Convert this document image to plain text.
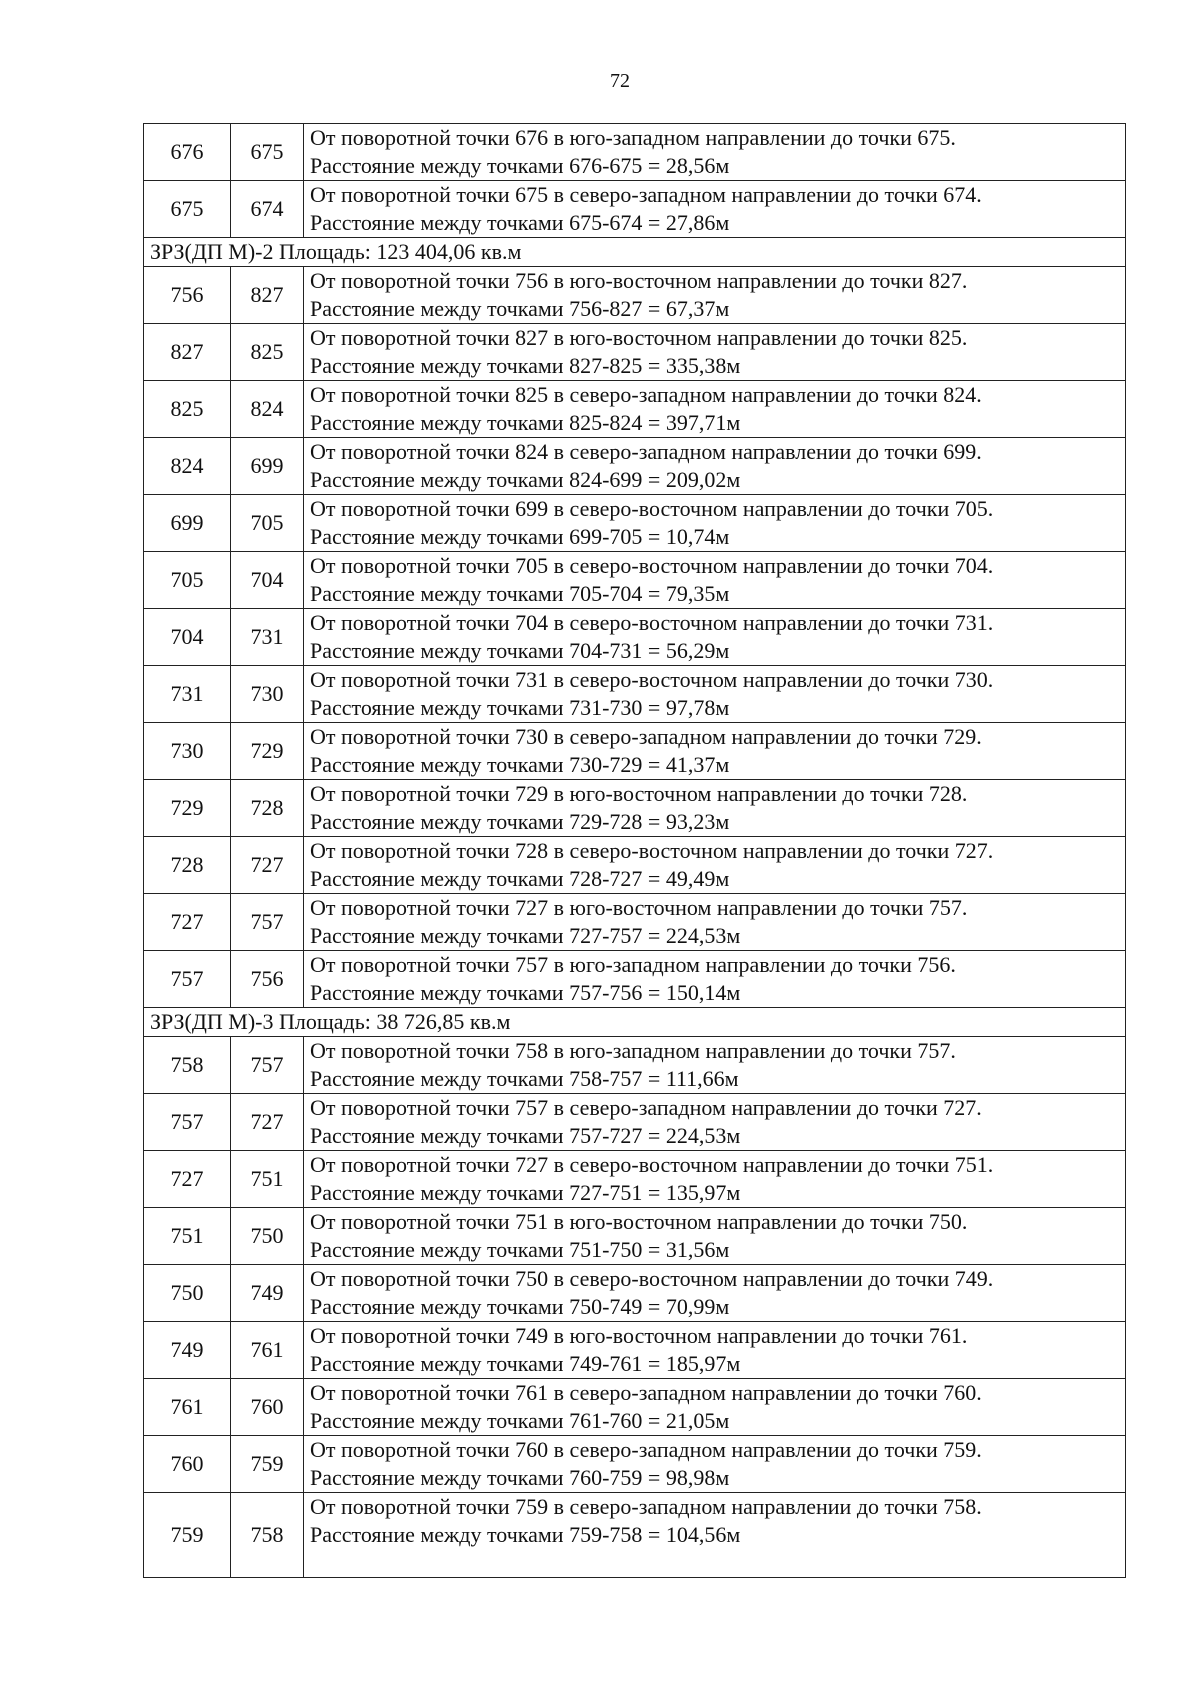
72
676	675	От поворотной точки 676 в юго-западном направлении до точки 675.
Расстояние между точками 676-675 = 28,56м

675	674	От поворотной точки 675 в северо-западном направлении до точки 674.
Расстояние между точками 675-674 = 27,86м

ЗРЗ(ДП М)-2 Площадь: 123 404,06 кв.м		
756	827	От поворотной точки 756 в юго-восточном направлении до точки 827.
Расстояние между точками 756-827 = 67,37м

827	825	От поворотной точки 827 в юго-восточном направлении до точки 825.
Расстояние между точками 827-825 = 335,38м

825	824	От поворотной точки 825 в северо-западном направлении до точки 824.
Расстояние между точками 825-824 = 397,71м

824	699	От поворотной точки 824 в северо-западном направлении до точки 699.
Расстояние между точками 824-699 = 209,02м

699	705	От поворотной точки 699 в северо-восточном направлении до точки 705.
Расстояние между точками 699-705 = 10,74м

705	704	От поворотной точки 705 в северо-восточном направлении до точки 704.
Расстояние между точками 705-704 = 79,35м

704	731	От поворотной точки 704 в северо-восточном направлении до точки 731.
Расстояние между точками 704-731 = 56,29м

731	730	От поворотной точки 731 в северо-восточном направлении до точки 730.
Расстояние между точками 731-730 = 97,78м

730	729	От поворотной точки 730 в северо-западном направлении до точки 729.
Расстояние между точками 730-729 = 41,37м

729	728	От поворотной точки 729 в юго-восточном направлении до точки 728.
Расстояние между точками 729-728 = 93,23м

728	727	От поворотной точки 728 в северо-восточном направлении до точки 727.
Расстояние между точками 728-727 = 49,49м

727	757	От поворотной точки 727 в юго-восточном направлении до точки 757.
Расстояние между точками 727-757 = 224,53м

757	756	От поворотной точки 757 в юго-западном направлении до точки 756.
Расстояние между точками 757-756 = 150,14м

ЗРЗ(ДП М)-3 Площадь: 38 726,85 кв.м		
758	757	От поворотной точки 758 в юго-западном направлении до точки 757.
Расстояние между точками 758-757 = 111,66м

757	727	От поворотной точки 757 в северо-западном направлении до точки 727.
Расстояние между точками 757-727 = 224,53м

727	751	От поворотной точки 727 в северо-восточном направлении до точки 751.
Расстояние между точками 727-751 = 135,97м

751	750	От поворотной точки 751 в юго-восточном направлении до точки 750.
Расстояние между точками 751-750 = 31,56м

750	749	От поворотной точки 750 в северо-восточном направлении до точки 749.
Расстояние между точками 750-749 = 70,99м

749	761	От поворотной точки 749 в юго-восточном направлении до точки 761.
Расстояние между точками 749-761 = 185,97м

761	760	От поворотной точки 761 в северо-западном направлении до точки 760.
Расстояние между точками 761-760 = 21,05м

760	759	От поворотной точки 760 в северо-западном направлении до точки 759.
Расстояние между точками 760-759 = 98,98м

759	758	От поворотной точки 759 в северо-западном направлении до точки 758.
Расстояние между точками 759-758 = 104,56м
